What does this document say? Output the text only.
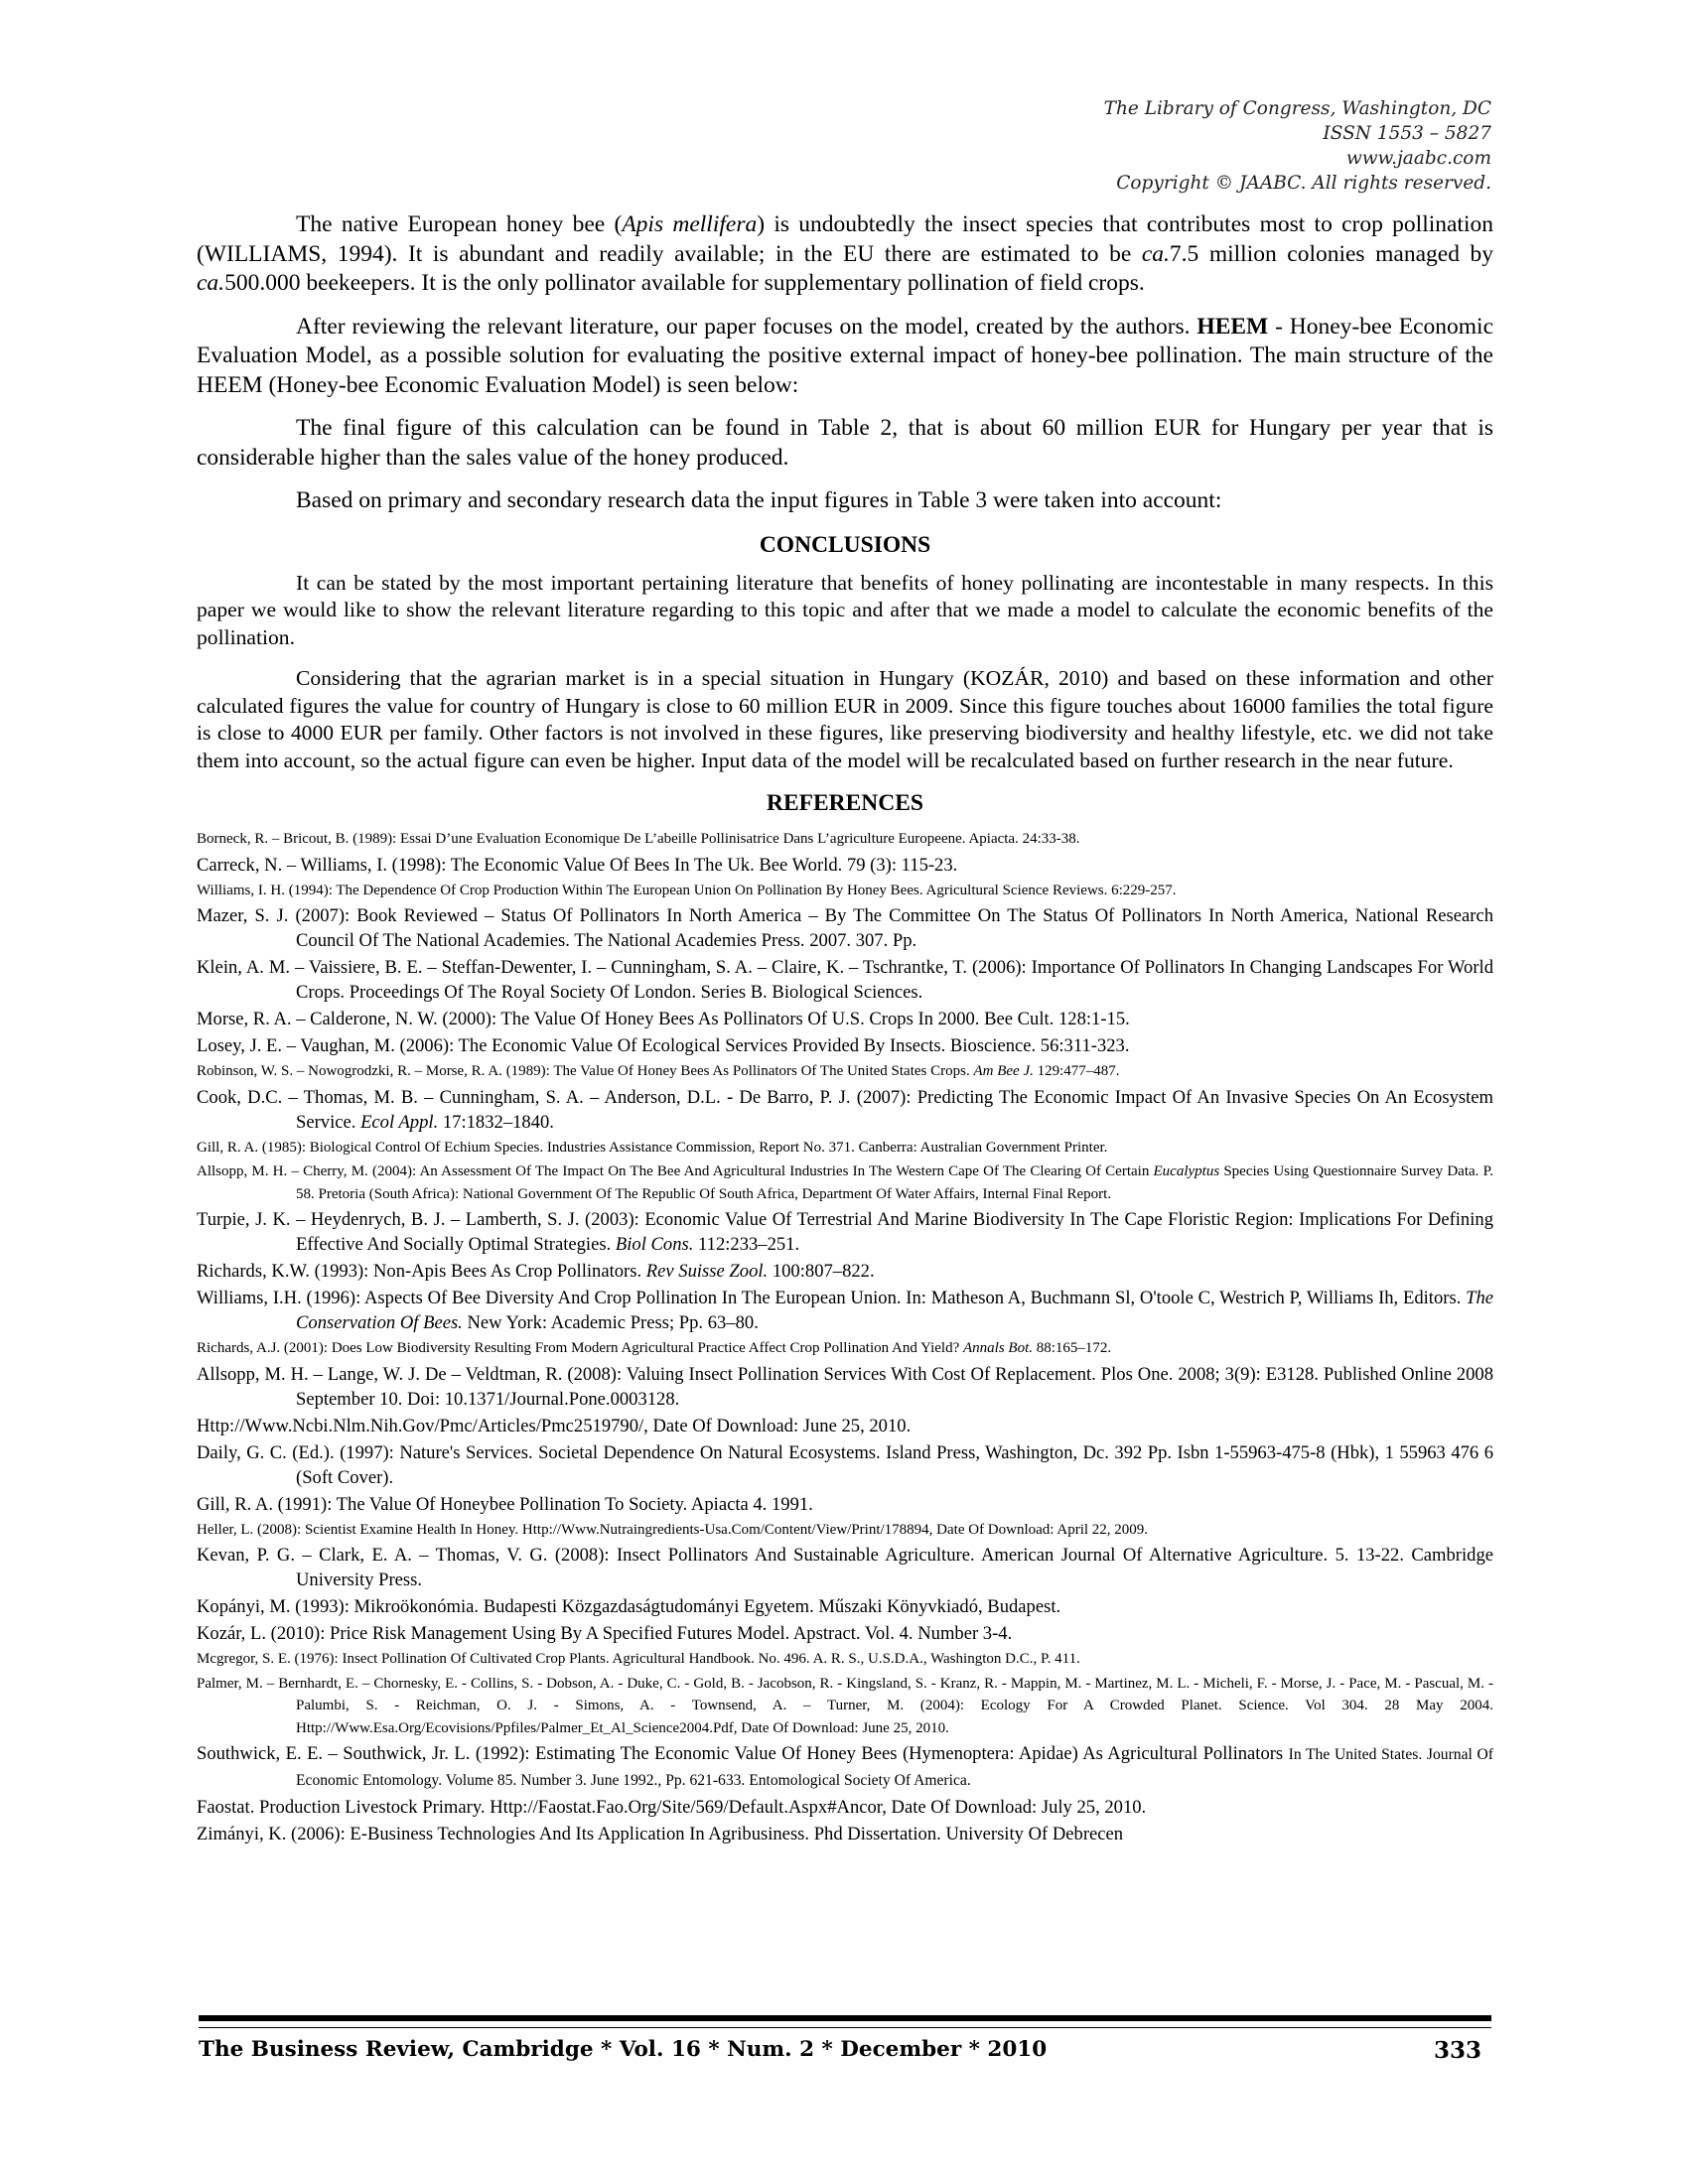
The Library of Congress, Washington, DC
ISSN 1553 – 5827
www.jaabc.com
Copyright © JAABC. All rights reserved.

The native European honey bee (Apis mellifera) is undoubtedly the insect species that contributes most to crop pollination (WILLIAMS, 1994). It is abundant and readily available; in the EU there are estimated to be ca.7.5 million colonies managed by ca.500.000 beekeepers. It is the only pollinator available for supplementary pollination of field crops.

After reviewing the relevant literature, our paper focuses on the model, created by the authors. HEEM - Honey-bee Economic Evaluation Model, as a possible solution for evaluating the positive external impact of honey-bee pollination. The main structure of the HEEM (Honey-bee Economic Evaluation Model) is seen below:

The final figure of this calculation can be found in Table 2, that is about 60 million EUR for Hungary per year that is considerable higher than the sales value of the honey produced.

Based on primary and secondary research data the input figures in Table 3 were taken into account:

CONCLUSIONS

It can be stated by the most important pertaining literature that benefits of honey pollinating are incontestable in many respects. In this paper we would like to show the relevant literature regarding to this topic and after that we made a model to calculate the economic benefits of the pollination.

Considering that the agrarian market is in a special situation in Hungary (KOZÁR, 2010) and based on these information and other calculated figures the value for country of Hungary is close to 60 million EUR in 2009. Since this figure touches about 16000 families the total figure is close to 4000 EUR per family. Other factors is not involved in these figures, like preserving biodiversity and healthy lifestyle, etc. we did not take them into account, so the actual figure can even be higher. Input data of the model will be recalculated based on further research in the near future.

REFERENCES

Borneck, R. – Bricout, B. (1989): Essai D’une Evaluation Economique De L’abeille Pollinisatrice Dans L’agriculture Europeene. Apiacta. 24:33-38.

Carreck, N. – Williams, I. (1998): The Economic Value Of Bees In The Uk. Bee World. 79 (3): 115-23.

Williams, I. H. (1994): The Dependence Of Crop Production Within The European Union On Pollination By Honey Bees. Agricultural Science Reviews. 6:229-257.

Mazer, S. J. (2007): Book Reviewed – Status Of Pollinators In North America – By The Committee On The Status Of Pollinators In North America, National Research Council Of The National Academies. The National Academies Press. 2007. 307. Pp.

Klein, A. M. – Vaissiere, B. E. – Steffan-Dewenter, I. – Cunningham, S. A. – Claire, K. – Tschrantke, T. (2006): Importance Of Pollinators In Changing Landscapes For World Crops. Proceedings Of The Royal Society Of London. Series B. Biological Sciences.

Morse, R. A. – Calderone, N. W. (2000): The Value Of Honey Bees As Pollinators Of U.S. Crops In 2000. Bee Cult. 128:1-15.

Losey, J. E. – Vaughan, M. (2006): The Economic Value Of Ecological Services Provided By Insects. Bioscience. 56:311-323.

Robinson, W. S. – Nowogrodzki, R. – Morse, R. A. (1989): The Value Of Honey Bees As Pollinators Of The United States Crops. Am Bee J. 129:477–487.

Cook, D.C. – Thomas, M. B. – Cunningham, S. A. – Anderson, D.L. - De Barro, P. J. (2007): Predicting The Economic Impact Of An Invasive Species On An Ecosystem Service. Ecol Appl. 17:1832–1840.

Gill, R. A. (1985): Biological Control Of Echium Species. Industries Assistance Commission, Report No. 371. Canberra: Australian Government Printer.

Allsopp, M. H. – Cherry, M. (2004): An Assessment Of The Impact On The Bee And Agricultural Industries In The Western Cape Of The Clearing Of Certain Eucalyptus Species Using Questionnaire Survey Data. P. 58. Pretoria (South Africa): National Government Of The Republic Of South Africa, Department Of Water Affairs, Internal Final Report.

Turpie, J. K. – Heydenrych, B. J. – Lamberth, S. J. (2003): Economic Value Of Terrestrial And Marine Biodiversity In The Cape Floristic Region: Implications For Defining Effective And Socially Optimal Strategies. Biol Cons. 112:233–251.

Richards, K.W. (1993): Non-Apis Bees As Crop Pollinators. Rev Suisse Zool. 100:807–822.

Williams, I.H. (1996): Aspects Of Bee Diversity And Crop Pollination In The European Union. In: Matheson A, Buchmann Sl, O'toole C, Westrich P, Williams Ih, Editors. The Conservation Of Bees. New York: Academic Press; Pp. 63–80.

Richards, A.J. (2001): Does Low Biodiversity Resulting From Modern Agricultural Practice Affect Crop Pollination And Yield? Annals Bot. 88:165–172.

Allsopp, M. H. – Lange, W. J. De – Veldtman, R. (2008): Valuing Insect Pollination Services With Cost Of Replacement. Plos One. 2008; 3(9): E3128. Published Online 2008 September 10. Doi: 10.1371/Journal.Pone.0003128.

Http://Www.Ncbi.Nlm.Nih.Gov/Pmc/Articles/Pmc2519790/, Date Of Download: June 25, 2010.

Daily, G. C. (Ed.). (1997): Nature's Services. Societal Dependence On Natural Ecosystems. Island Press, Washington, Dc. 392 Pp. Isbn 1-55963-475-8 (Hbk), 1 55963 476 6 (Soft Cover).

Gill, R. A. (1991): The Value Of Honeybee Pollination To Society. Apiacta 4. 1991.

Heller, L. (2008): Scientist Examine Health In Honey. Http://Www.Nutraingredients-Usa.Com/Content/View/Print/178894, Date Of Download: April 22, 2009.

Kevan, P. G. – Clark, E. A. – Thomas, V. G. (2008): Insect Pollinators And Sustainable Agriculture. American Journal Of Alternative Agriculture. 5. 13-22. Cambridge University Press.

Kopányi, M. (1993): Mikroökonómia. Budapesti Közgazdaságtudományi Egyetem. Műszaki Könyvkiadó, Budapest.

Kozár, L. (2010): Price Risk Management Using By A Specified Futures Model. Apstract. Vol. 4. Number 3-4.

Mcgregor, S. E. (1976): Insect Pollination Of Cultivated Crop Plants. Agricultural Handbook. No. 496. A. R. S., U.S.D.A., Washington D.C., P. 411.

Palmer, M. – Bernhardt, E. – Chornesky, E. - Collins, S. - Dobson, A. - Duke, C. - Gold, B. - Jacobson, R. - Kingsland, S. - Kranz, R. - Mappin, M. - Martinez, M. L. - Micheli, F. - Morse, J. - Pace, M. - Pascual, M. - Palumbi, S. - Reichman, O. J. - Simons, A. - Townsend, A. – Turner, M. (2004): Ecology For A Crowded Planet. Science. Vol 304. 28 May 2004. Http://Www.Esa.Org/Ecovisions/Ppfiles/Palmer_Et_Al_Science2004.Pdf, Date Of Download: June 25, 2010.

Southwick, E. E. – Southwick, Jr. L. (1992): Estimating The Economic Value Of Honey Bees (Hymenoptera: Apidae) As Agricultural Pollinators In The United States. Journal Of Economic Entomology. Volume 85. Number 3. June 1992., Pp. 621-633. Entomological Society Of America.

Faostat. Production Livestock Primary. Http://Faostat.Fao.Org/Site/569/Default.Aspx#Ancor, Date Of Download: July 25, 2010.

Zimányi, K. (2006): E-Business Technologies And Its Application In Agribusiness. Phd Dissertation. University Of Debrecen

The Business Review, Cambridge * Vol. 16 * Num. 2 * December * 2010	333
